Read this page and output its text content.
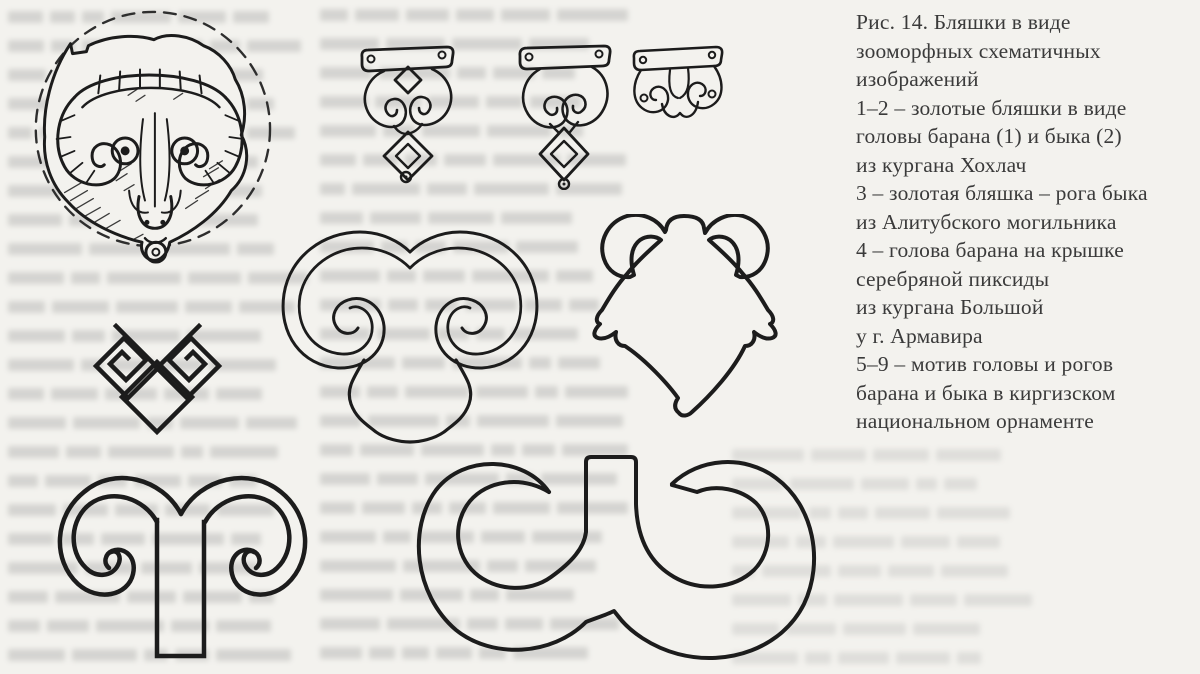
Рис. 14. Бляшки в виде
зооморфных схематичных
изображений
1–2 – золотые бляшки в виде
головы барана (1) и быка (2)
из кургана Хохлач
3 – золотая бляшка – рога быка
из Алитубского могильника
4 – голова барана на крышке
серебряной пиксиды
из кургана Большой
у г. Армавира
5–9 – мотив головы и рогов
барана и быка в киргизском
национальном орнаменте
